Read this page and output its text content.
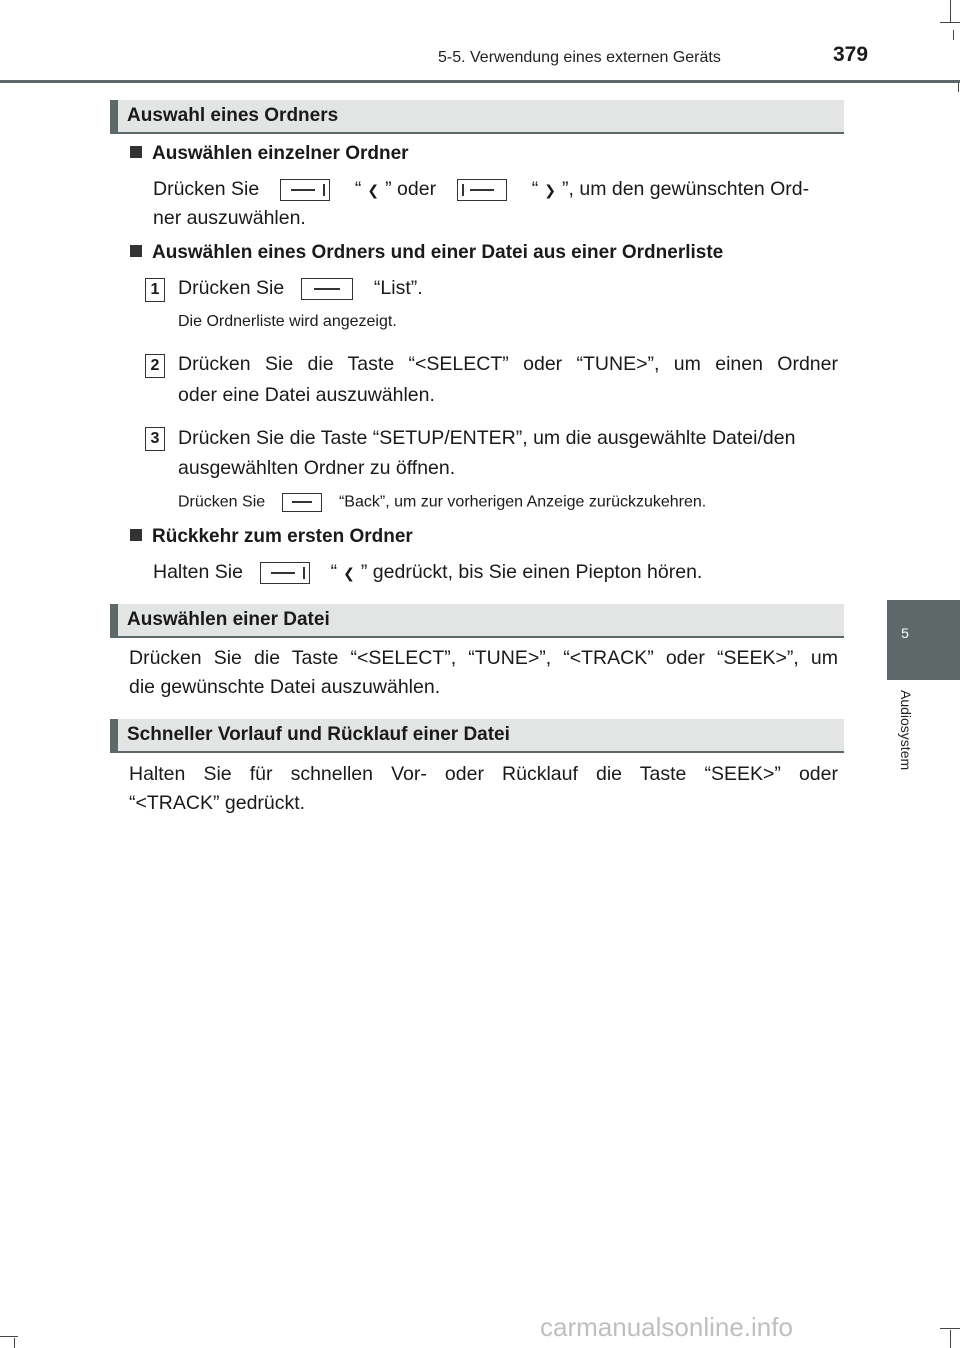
5-5. Verwendung eines externen Geräts	379
5
Audiosystem
Auswahl eines Ordners
Auswählen einzelner Ordner
Drücken Sie	“ ❮ ” oder	“ ❯ ”, um den gewünschten Ord-
ner auszuwählen.
Auswählen eines Ordners und einer Datei aus einer Ordnerliste
1 Drücken Sie	“List”.
Die Ordnerliste wird angezeigt.
2 Drücken Sie die Taste “<SELECT” oder “TUNE>”, um einen Ordner
oder eine Datei auszuwählen.
3 Drücken Sie die Taste “SETUP/ENTER”, um die ausgewählte Datei/den
ausgewählten Ordner zu öffnen.
Drücken Sie	“Back”, um zur vorherigen Anzeige zurückzukehren.
Rückkehr zum ersten Ordner
Halten Sie	“ ❮ ” gedrückt, bis Sie einen Piepton hören.
Auswählen einer Datei
Drücken Sie die Taste “<SELECT”, “TUNE>”, “<TRACK” oder “SEEK>”, um
die gewünschte Datei auszuwählen.
Schneller Vorlauf und Rücklauf einer Datei
Halten Sie für schnellen Vor- oder Rücklauf die Taste “SEEK>” oder
“<TRACK” gedrückt.
carmanualsonline.info
